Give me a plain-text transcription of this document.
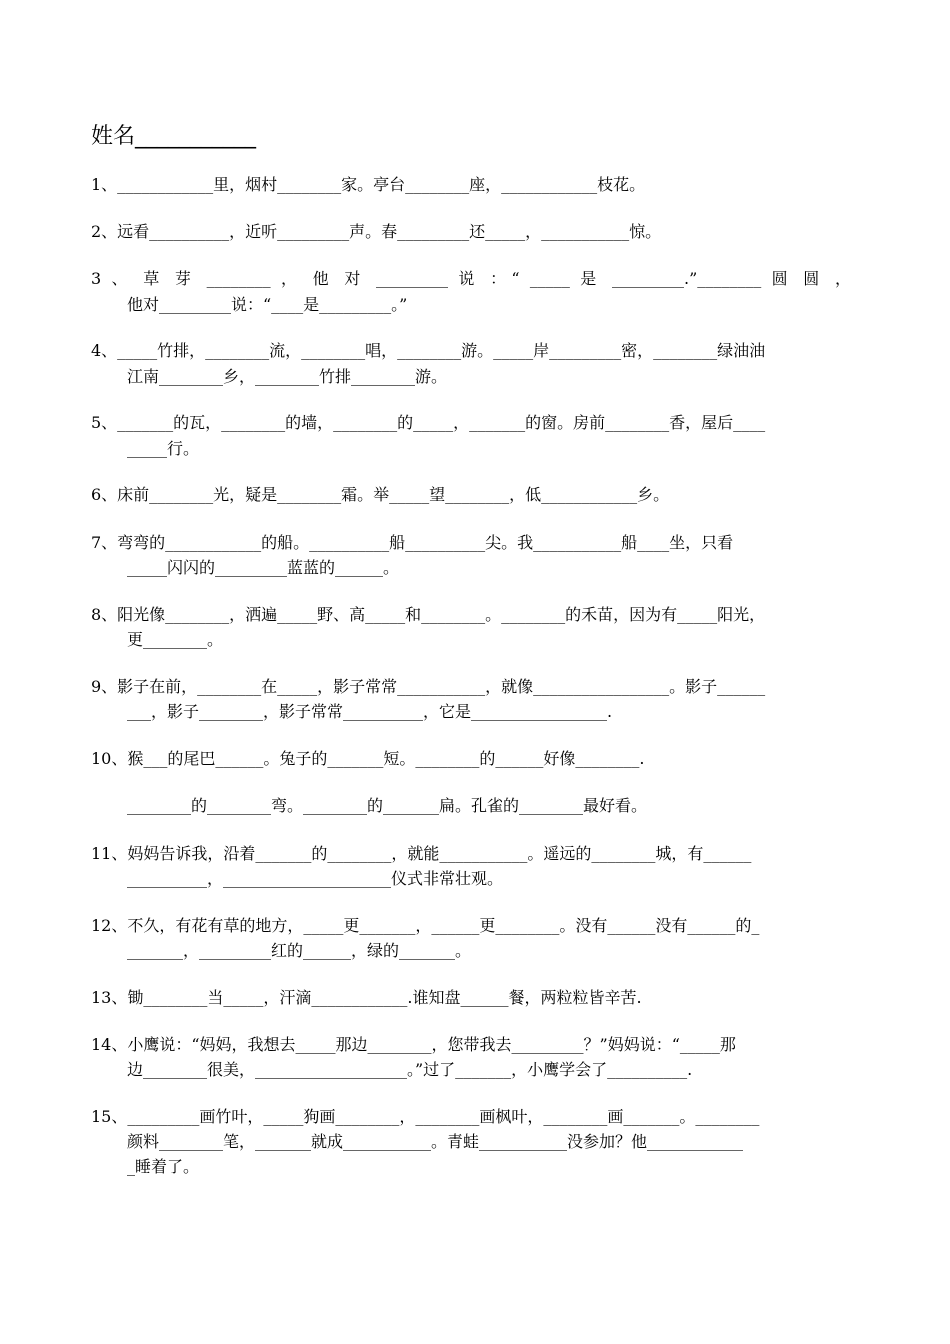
姓名___________
1、____________里，烟村________家。亭台________座，____________枝花。
2、远看__________，近听_________声。春_________还_____，___________惊。
3 、 草 芽 ________ ， 他 对 _________ 说 ：“ _____ 是 _________.”________ 圆 圆 ，
他对_________说：“____是_________。”
4、_____竹排，________流，________唱，________游。_____岸_________密，________绿油油
江南________乡，________竹排________游。
5、_______的瓦，________的墙，________的_____，_______的窗。房前________香，屋后____
_____行。
6、床前________光，疑是________霜。举_____望________，低____________乡。
7、弯弯的____________的船。__________船__________尖。我___________船____坐，只看
_____闪闪的_________蓝蓝的______。
8、阳光像________，洒遍_____野、高_____和________。________的禾苗，因为有_____阳光，
更________。
9、影子在前，________在_____，影子常常___________，就像_________________。影子______
___，影子________，影子常常__________，它是_________________.
10、猴___的尾巴______。兔子的_______短。________的______好像________.
________的________弯。________的_______扁。孔雀的________最好看。
11、妈妈告诉我，沿着_______的________，就能___________。遥远的________城，有______
__________，_____________________仪式非常壮观。
12、不久，有花有草的地方，_____更_______，______更________。没有______没有______的_
_______，_________红的______，绿的_______。
13、锄________当_____，汗滴____________.谁知盘______餐，两粒粒皆辛苦.
14、小鹰说：“妈妈，我想去_____那边________，您带我去_________？”妈妈说：“_____那
边________很美，___________________。”过了_______，小鹰学会了__________.
15、_________画竹叶，_____狗画________，________画枫叶，________画_______。________
颜料________笔，_______就成___________。青蛙___________没参加？他____________
_睡着了。
